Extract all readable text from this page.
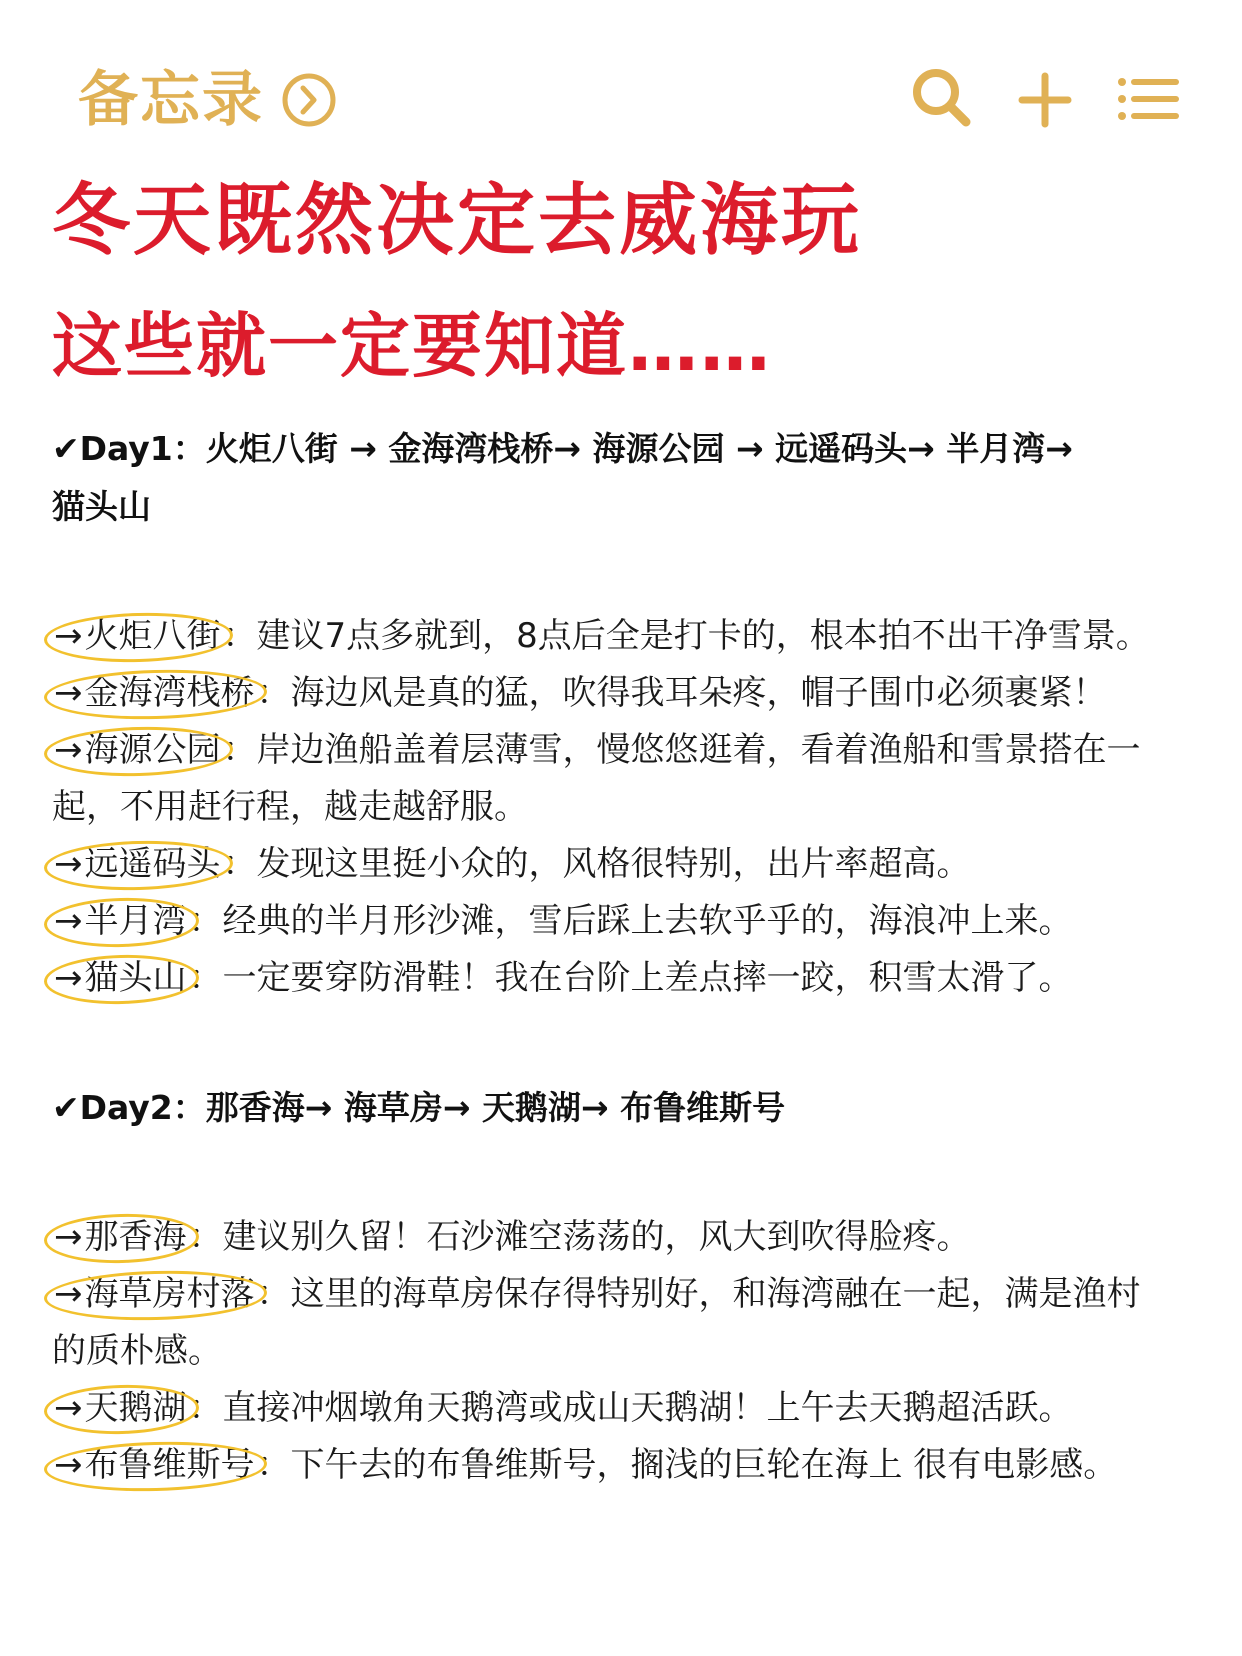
备忘录
冬天既然决定去威海玩
这些就一定要知道……

✔Day1：火炬八街 → 金海湾栈桥→ 海源公园 → 远遥码头→ 半月湾→

猫头山

→火炬八街：建议7点多就到，8点后全是打卡的，根本拍不出干净雪景。

→金海湾栈桥：海边风是真的猛，吹得我耳朵疼，帽子围巾必须裹紧！

→海源公园：岸边渔船盖着层薄雪，慢悠悠逛着，看着渔船和雪景搭在一

起，不用赶行程，越走越舒服。

→远遥码头：发现这里挺小众的，风格很特别，出片率超高。

→半月湾：经典的半月形沙滩，雪后踩上去软乎乎的，海浪冲上来。

→猫头山：一定要穿防滑鞋！我在台阶上差点摔一跤，积雪太滑了。

✔Day2：那香海→ 海草房→ 天鹅湖→ 布鲁维斯号

→那香海：建议别久留！石沙滩空荡荡的，风大到吹得脸疼。

→海草房村落：这里的海草房保存得特别好，和海湾融在一起，满是渔村

的质朴感。

→天鹅湖：直接冲烟墩角天鹅湾或成山天鹅湖！上午去天鹅超活跃。

→布鲁维斯号：下午去的布鲁维斯号，搁浅的巨轮在海上 很有电影感。
